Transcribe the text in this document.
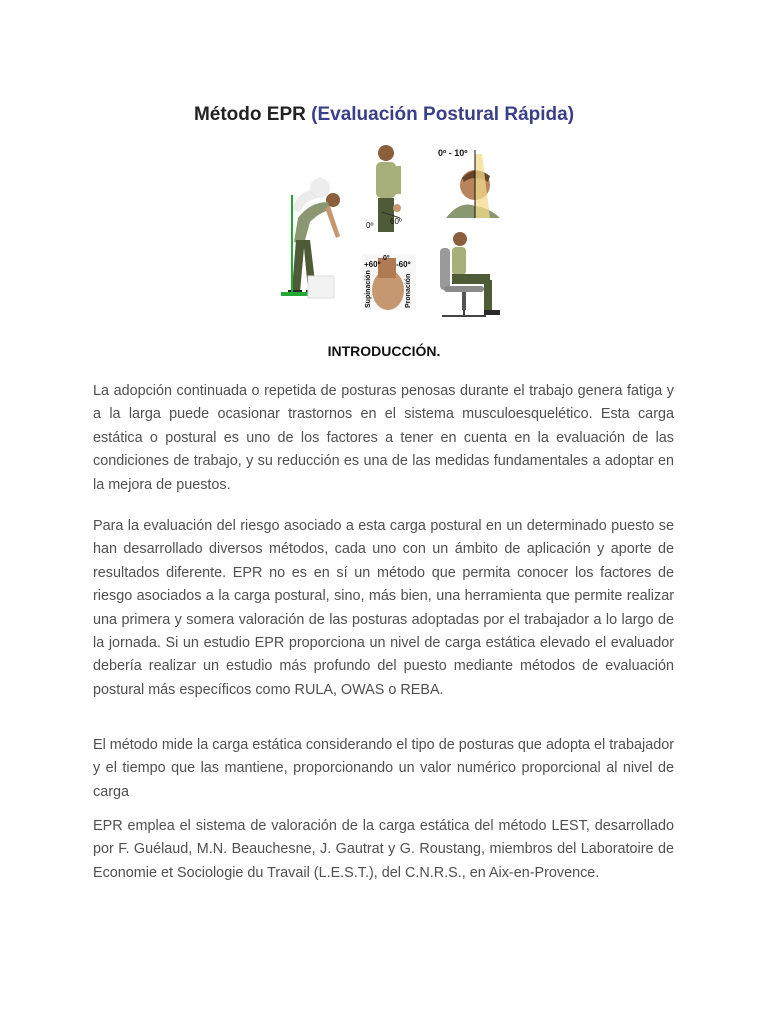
Método EPR (Evaluación Postural Rápida)
0º 60º
0º - 10º
+60º -60º
0º
Supinación	Pronación
INTRODUCCIÓN.

La adopción continuada o repetida de posturas penosas durante el trabajo genera fatiga y a la larga puede ocasionar trastornos en el sistema musculoesquelético. Esta carga estática o postural es uno de los factores a tener en cuenta en la evaluación de las condiciones de trabajo, y su reducción es una de las medidas fundamentales a adoptar en la mejora de puestos.

Para la evaluación del riesgo asociado a esta carga postural en un determinado puesto se han desarrollado diversos métodos, cada uno con un ámbito de aplicación y aporte de resultados diferente. EPR no es en sí un método que permita conocer los factores de riesgo asociados a la carga postural, sino, más bien, una herramienta que permite realizar una primera y somera valoración de las posturas adoptadas por el trabajador a lo largo de la jornada. Si un estudio EPR proporciona un nivel de carga estática elevado el evaluador debería realizar un estudio más profundo del puesto mediante métodos de evaluación postural más específicos como RULA, OWAS o REBA.

El método mide la carga estática considerando el tipo de posturas que adopta el trabajador y el tiempo que las mantiene, proporcionando un valor numérico proporcional al nivel de carga

EPR emplea el sistema de valoración de la carga estática del método LEST, desarrollado por F. Guélaud, M.N. Beauchesne, J. Gautrat y G. Roustang, miembros del Laboratoire de Economie et Sociologie du Travail (L.E.S.T.), del C.N.R.S., en Aix-en-Provence.
